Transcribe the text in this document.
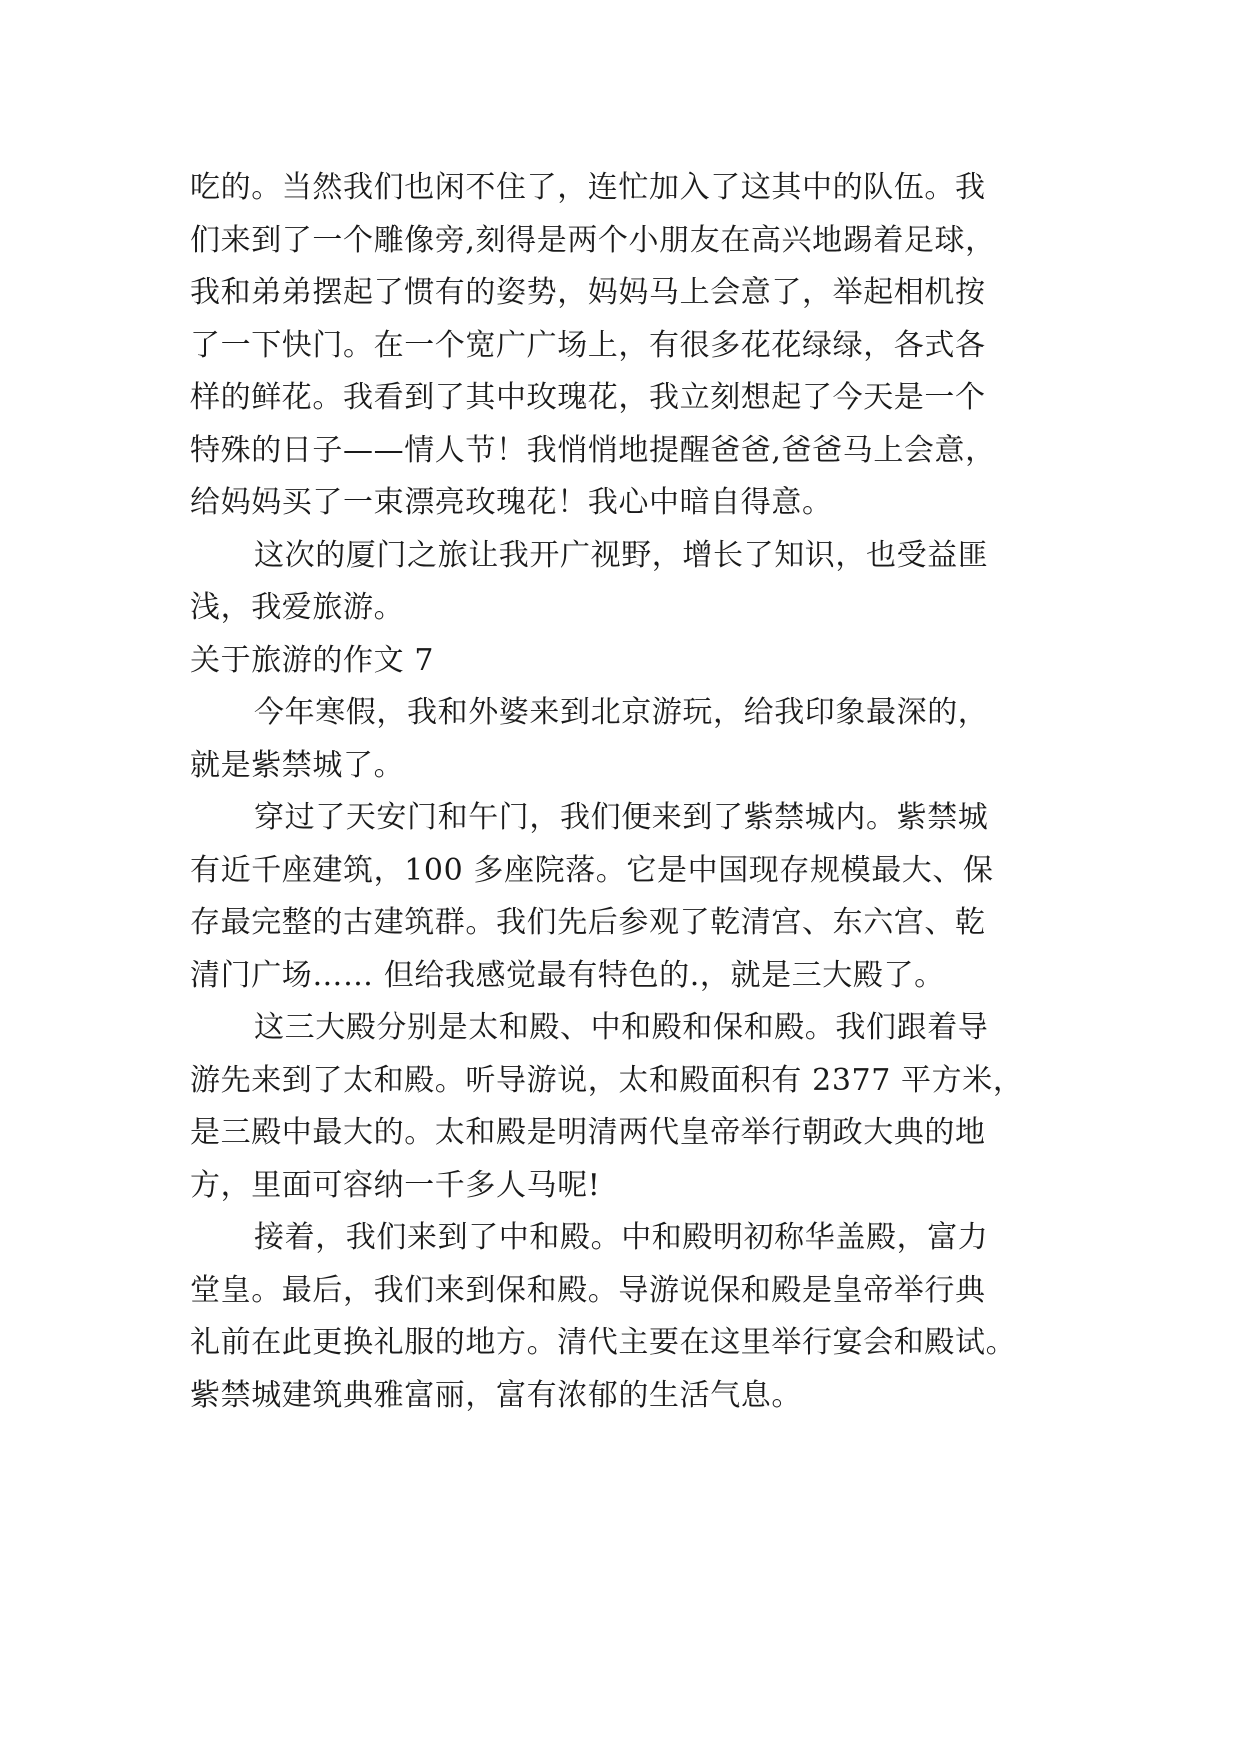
吃的。当然我们也闲不住了，连忙加入了这其中的队伍。我
们来到了一个雕像旁,刻得是两个小朋友在高兴地踢着足球，
我和弟弟摆起了惯有的姿势，妈妈马上会意了，举起相机按
了一下快门。在一个宽广广场上，有很多花花绿绿，各式各
样的鲜花。我看到了其中玫瑰花，我立刻想起了今天是一个
特殊的日子——情人节！我悄悄地提醒爸爸,爸爸马上会意，
给妈妈买了一束漂亮玫瑰花！我心中暗自得意。
这次的厦门之旅让我开广视野，增长了知识，也受益匪
浅，我爱旅游。
关于旅游的作文 7
今年寒假，我和外婆来到北京游玩，给我印象最深的，
就是紫禁城了。
穿过了天安门和午门，我们便来到了紫禁城内。紫禁城
有近千座建筑，100 多座院落。它是中国现存规模最大、保
存最完整的古建筑群。我们先后参观了乾清宫、东六宫、乾
清门广场…… 但给我感觉最有特色的.，就是三大殿了。
这三大殿分别是太和殿、中和殿和保和殿。我们跟着导
游先来到了太和殿。听导游说，太和殿面积有 2377 平方米，
是三殿中最大的。太和殿是明清两代皇帝举行朝政大典的地
方，里面可容纳一千多人马呢!
接着，我们来到了中和殿。中和殿明初称华盖殿，富力
堂皇。最后，我们来到保和殿。导游说保和殿是皇帝举行典
礼前在此更换礼服的地方。清代主要在这里举行宴会和殿试。
紫禁城建筑典雅富丽，富有浓郁的生活气息。
